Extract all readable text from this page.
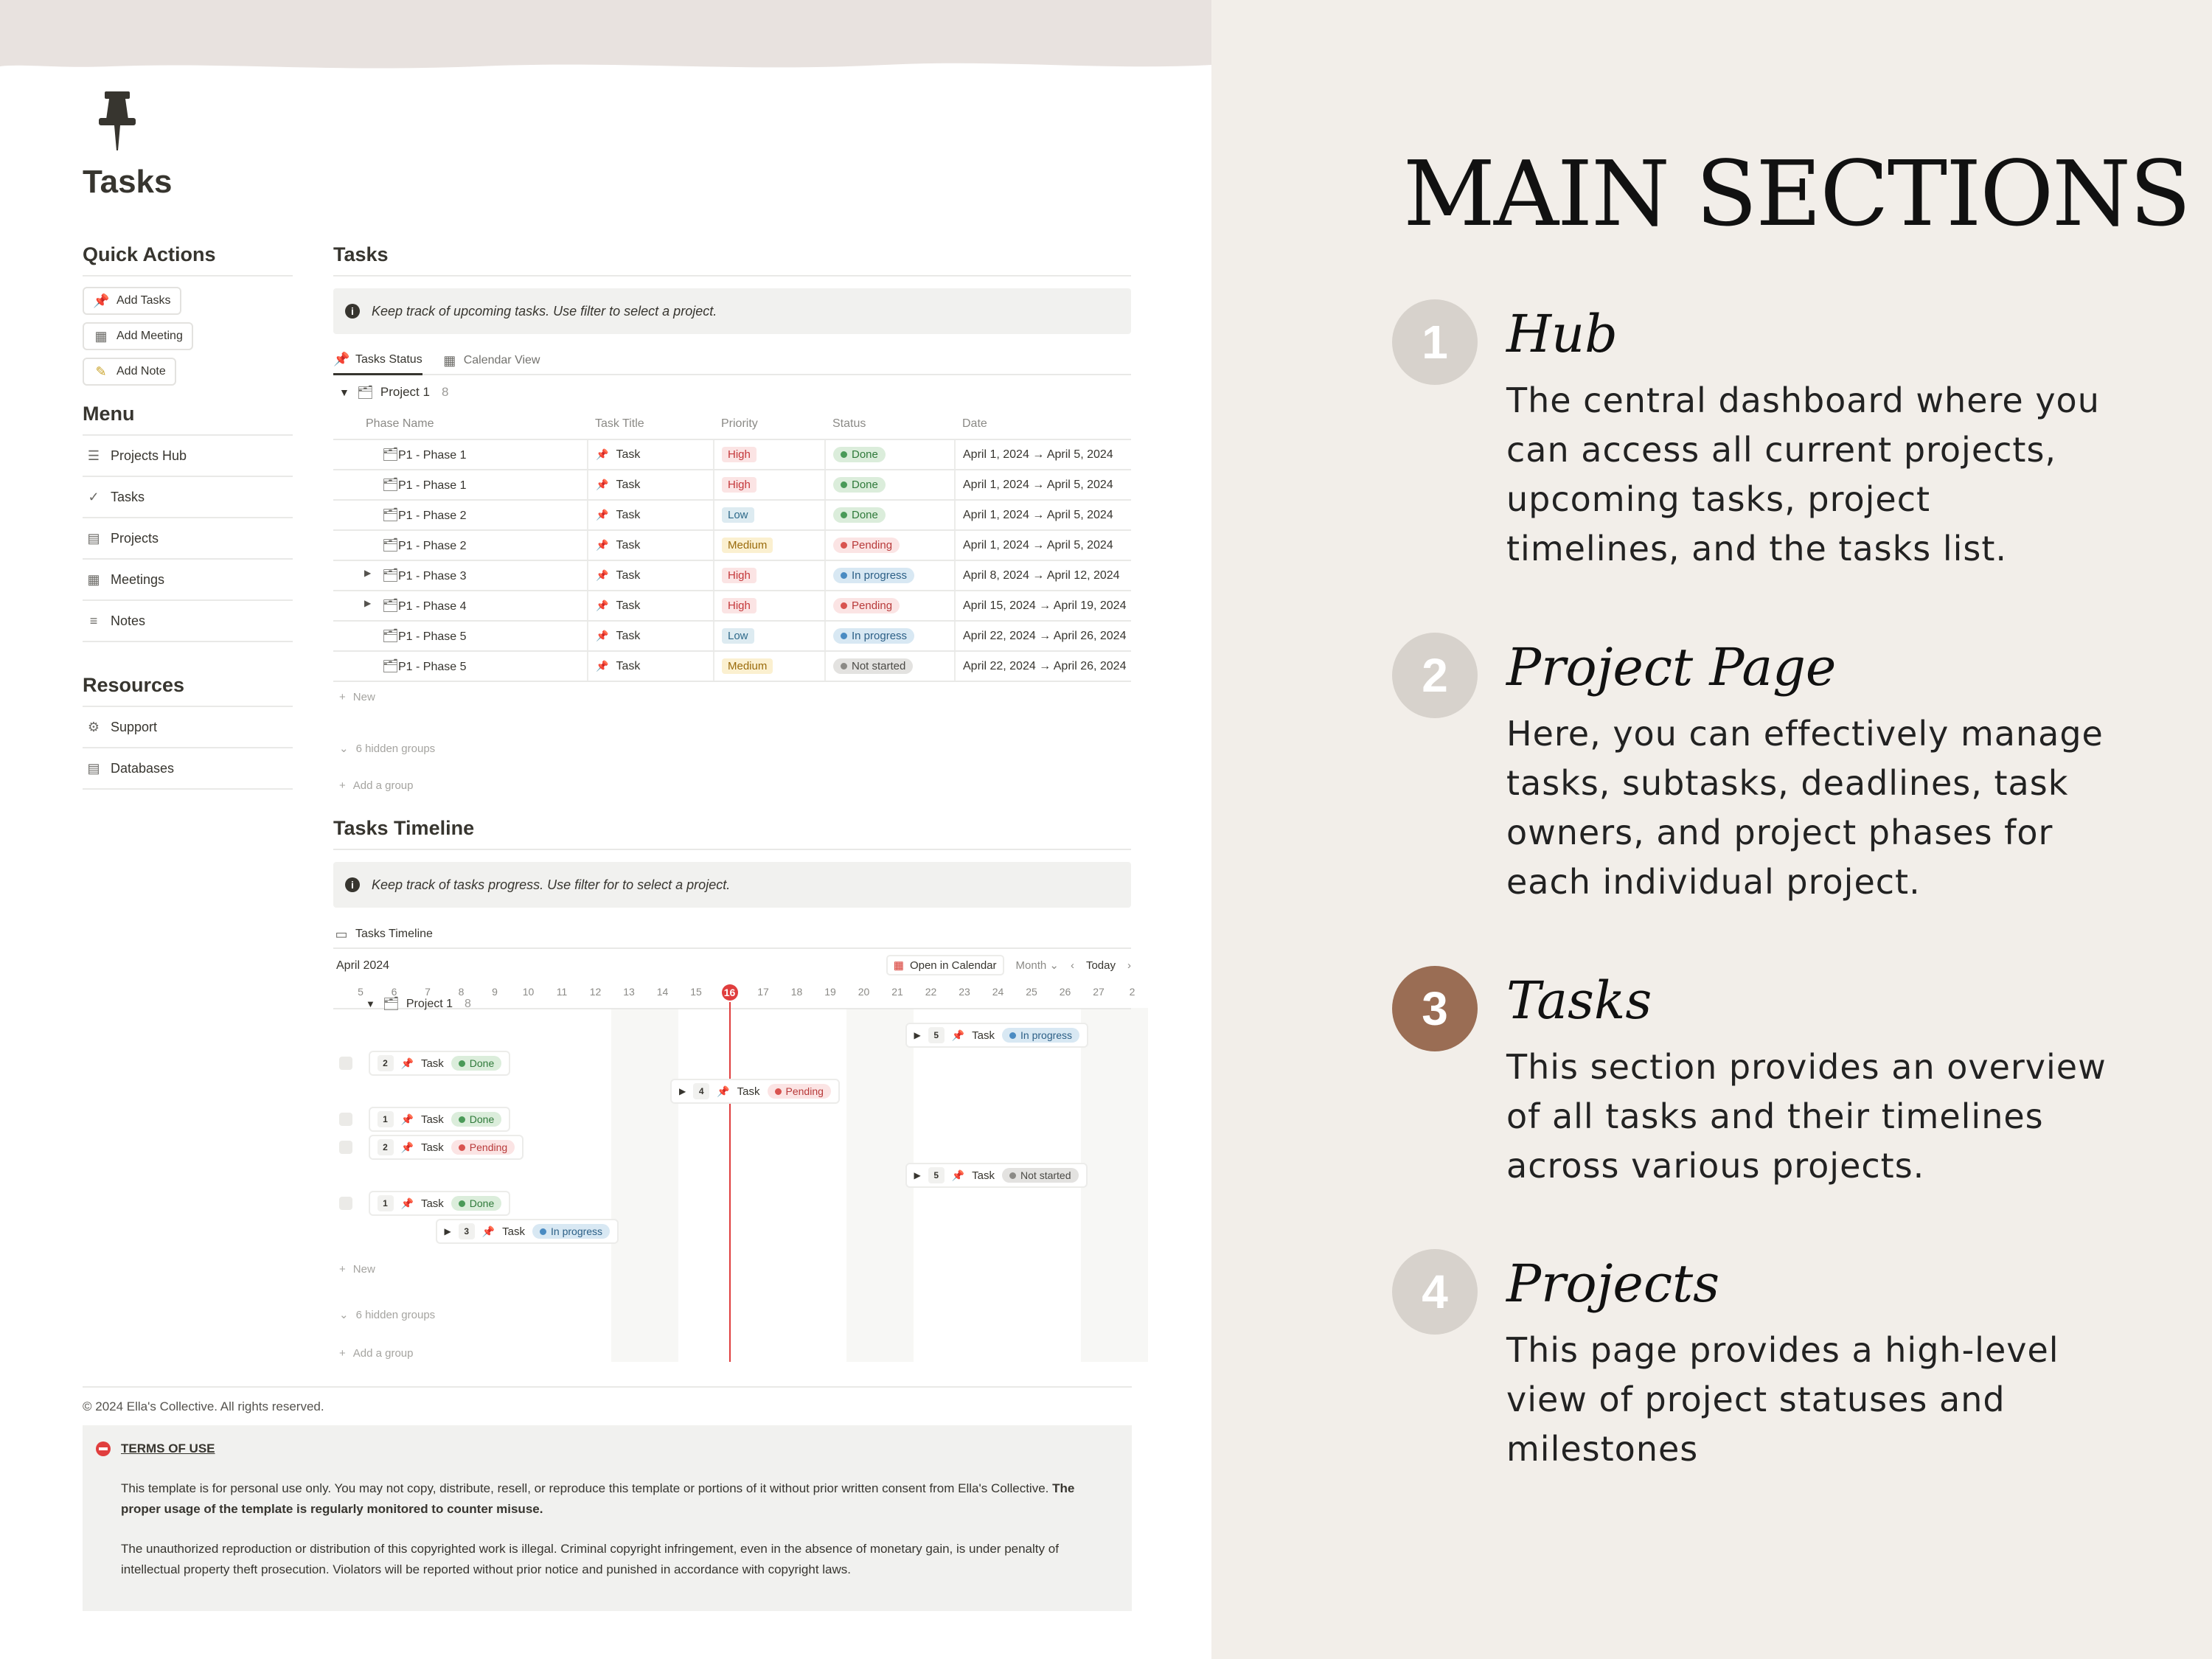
Tasks
Quick Actions
📌 Add Tasks
▦ Add Meeting
✎ Add Note
Menu
☰ Projects Hub
✓ Tasks
▤ Projects
▦ Meetings
≡ Notes
Resources
⚙ Support
▤ Databases
Tasks
i	Keep track of upcoming tasks. Use filter to select a project.
📌 Tasks Status ▦ Calendar View
▼ 🗂 Project 1 8
Phase Name	Task Title	Priority	Status	Date

🗂P1 - Phase 1	📌 Task	High	Done	April 1, 2024 → April 5, 2024

🗂P1 - Phase 1	📌 Task	High	Done	April 1, 2024 → April 5, 2024

🗂P1 - Phase 2	📌 Task	Low	Done	April 1, 2024 → April 5, 2024

🗂P1 - Phase 2	📌 Task	Medium	Pending	April 1, 2024 → April 5, 2024

▶ 🗂P1 - Phase 3	📌 Task	High	In progress	April 8, 2024 → April 12, 2024

▶ 🗂P1 - Phase 4	📌 Task	High	Pending	April 15, 2024 → April 19, 2024

🗂P1 - Phase 5	📌 Task	Low	In progress	April 22, 2024 → April 26, 2024

🗂P1 - Phase 5	📌 Task	Medium	Not started	April 22, 2024 → April 26, 2024
+ New
⌄ 6 hidden groups
+ Add a group
Tasks Timeline
i	Keep track of tasks progress. Use filter for to select a project.
▭ Tasks Timeline
April 2024	▦ Open in Calendar Month ⌄ ‹ Today ›
5	6	7	8	9	10 11 12 13 14 15 16 17 18 19 20 21 22 23 24 25 26 27	2
▼ 🗂 Project 1 8
▶	5	📌 Task	In progress
2	📌 Task	Done
▶	4	📌 Task	Pending
1	📌 Task	Done
2	📌 Task	Pending
▶	5	📌 Task	Not started
1	📌 Task	Done
▶	3	📌 Task	In progress
+ New
⌄ 6 hidden groups
+ Add a group
© 2024 Ella's Collective. All rights reserved.
TERMS OF USE

This template is for personal use only. You may not copy, distribute, resell, or reproduce this template or portions of it without prior written consent from Ella's Collective. The proper usage of the template is regularly monitored to counter misuse.

The unauthorized reproduction or distribution of this copyrighted work is illegal. Criminal copyright infringement, even in the absence of monetary gain, is under penalty of intellectual property theft prosecution. Violators will be reported without prior notice and punished in accordance with copyright laws.

MAIN SECTIONS
1	Hub
The central dashboard where you can access all current projects, upcoming tasks, project timelines, and the tasks list.
2	Project Page
Here, you can effectively manage tasks, subtasks, deadlines, task owners, and project phases for each individual project.
3	Tasks
This section provides an overview of all tasks and their timelines across various projects.
4	Projects
This page provides a high-level view of project statuses and milestones
